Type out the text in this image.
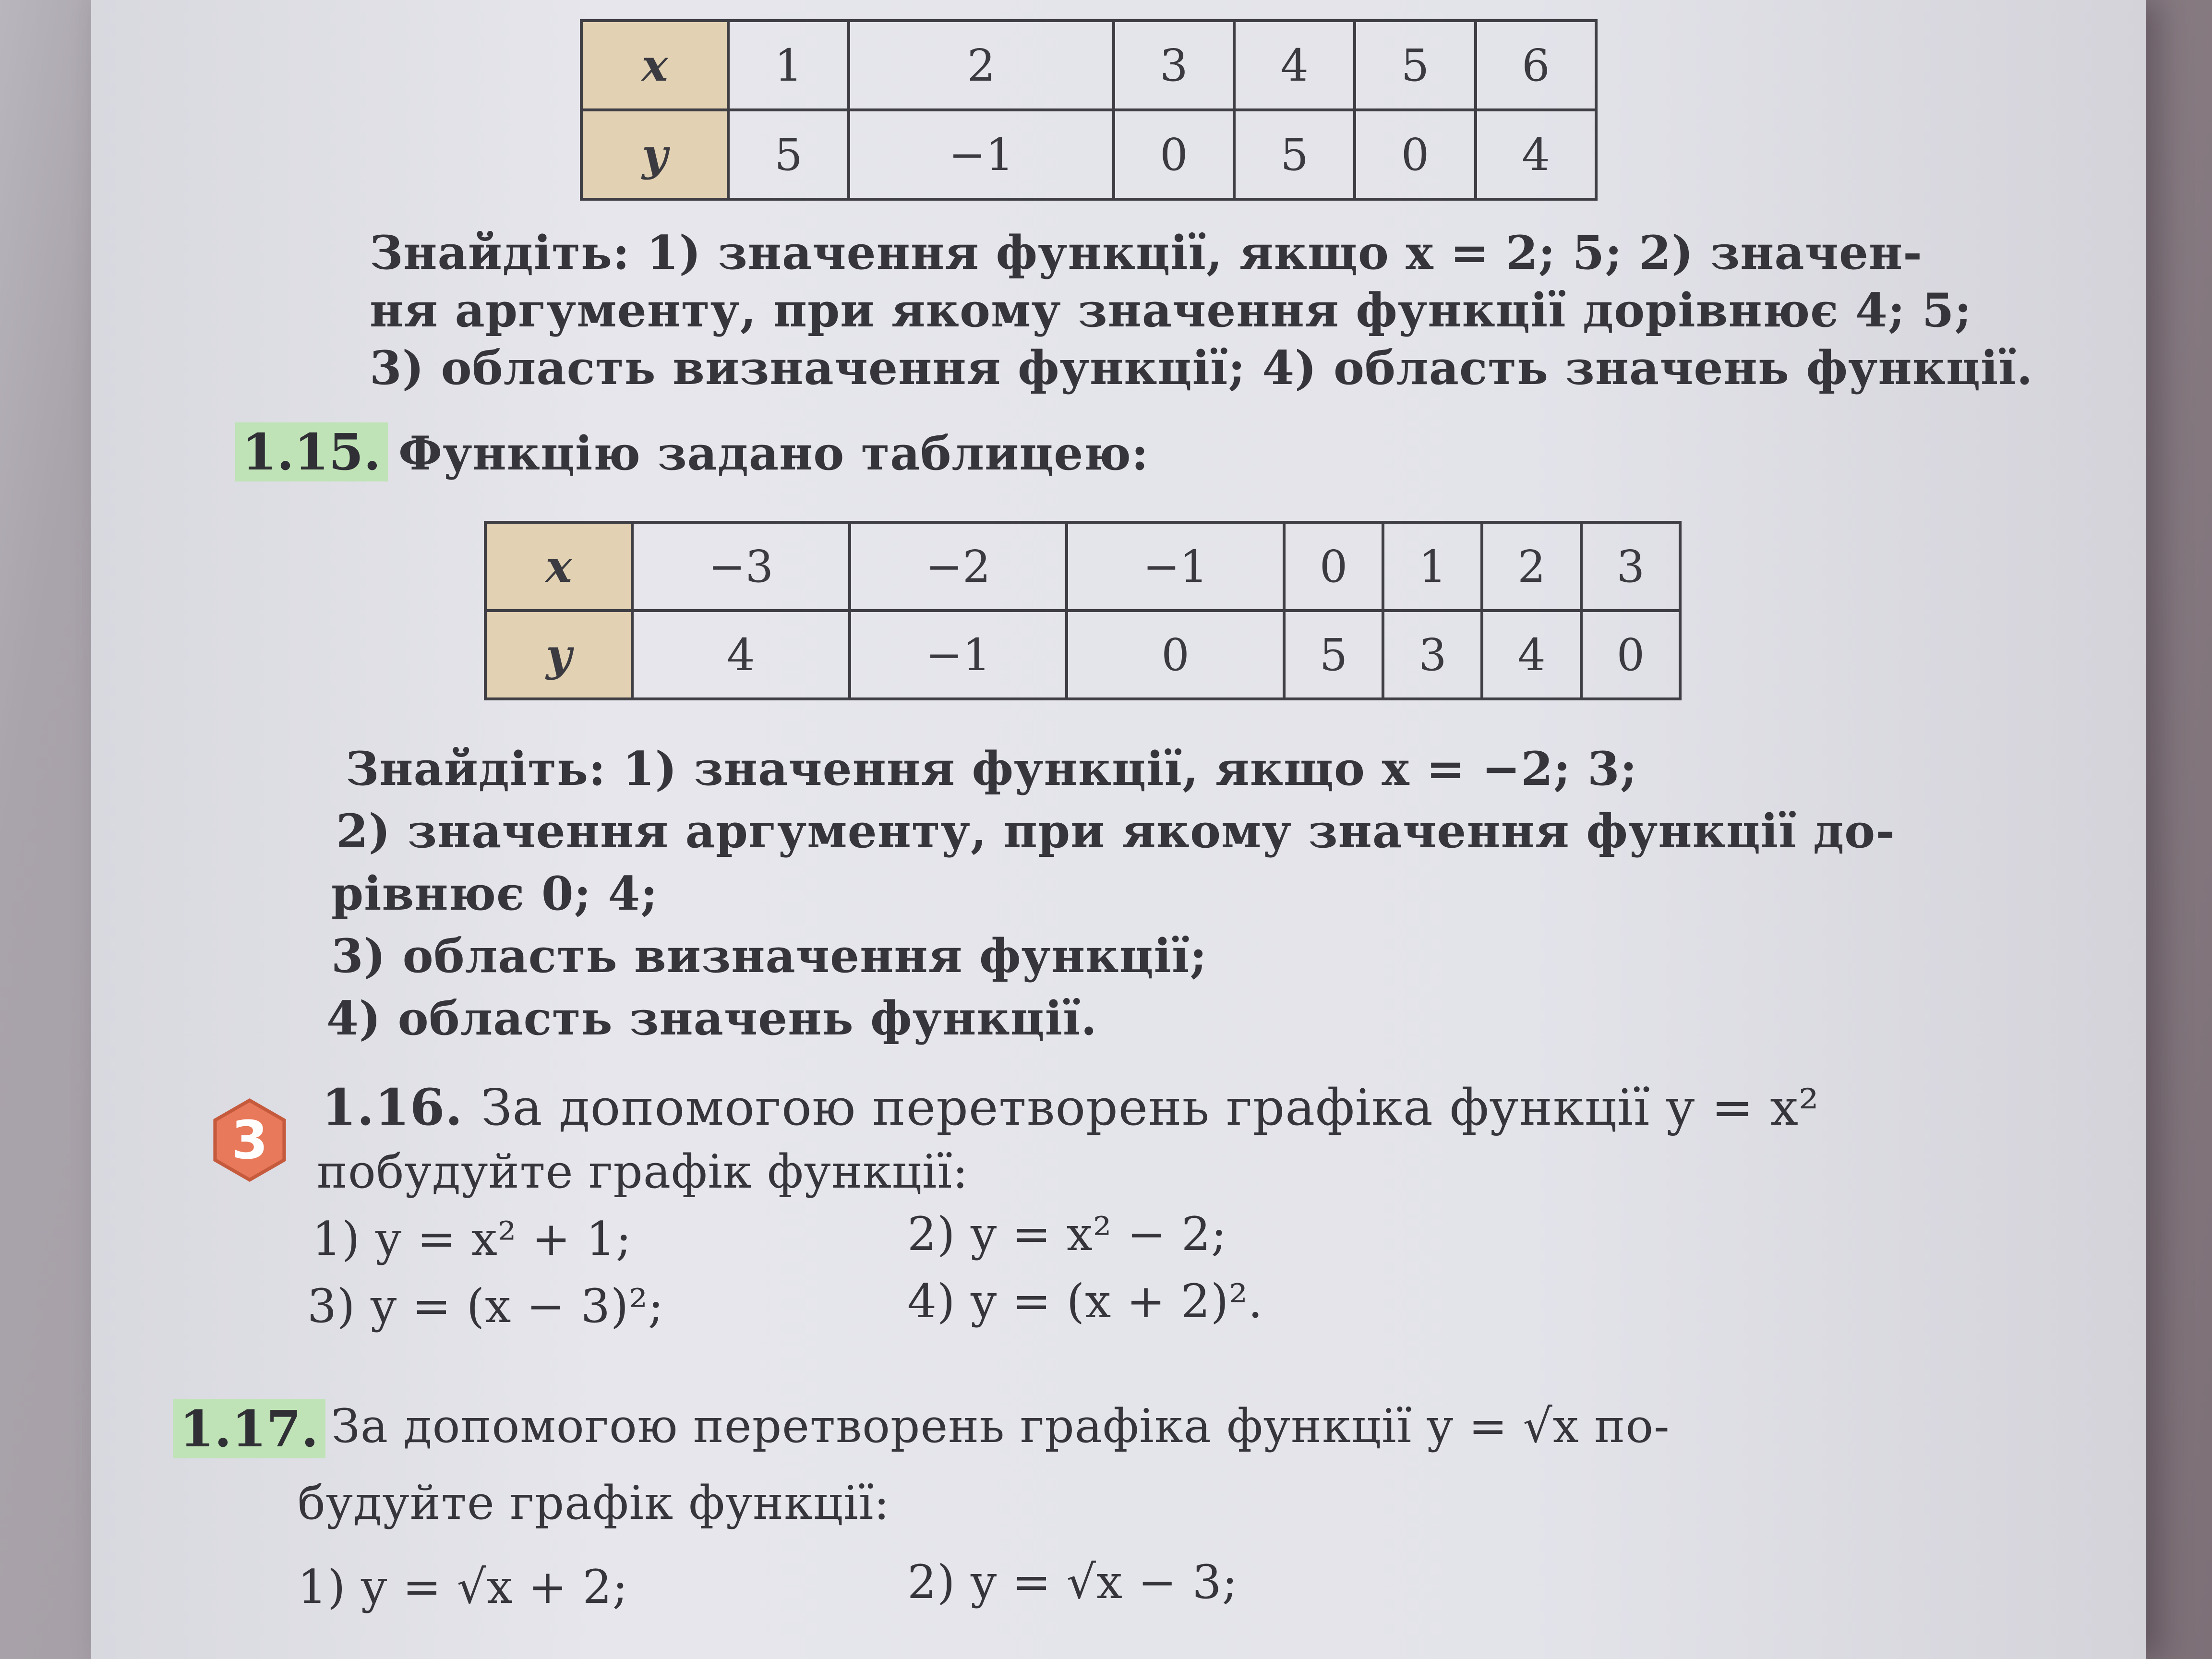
x	1	2	3	4	5	6
y	5	−1	0	5	0	4
Знайдіть: 1) значення функції, якщо x = 2; 5; 2) значен-
ня аргументу, при якому значення функції дорівнює 4; 5;
3) область визначення функції; 4) область значень функції.
1.15. Функцію задано таблицею:
x	−3	−2	−1	0	1	2	3
y	4	−1	0	5	3	4	0
Знайдіть: 1) значення функції, якщо x = −2; 3;
2) значення аргументу, при якому значення функції до-
рівнює 0; 4;
3) область визначення функції;
4) область значень функції.
3
1.16. За допомогою перетворень графіка функції y = x²
побудуйте графік функції:
1) y = x² + 1;	2) y = x² − 2;
3) y = (x − 3)²;	4) y = (x + 2)².
1.17. За допомогою перетворень графіка функції y = √x по-
будуйте графік функції:
1) y = √x + 2;	2) y = √x − 3;
